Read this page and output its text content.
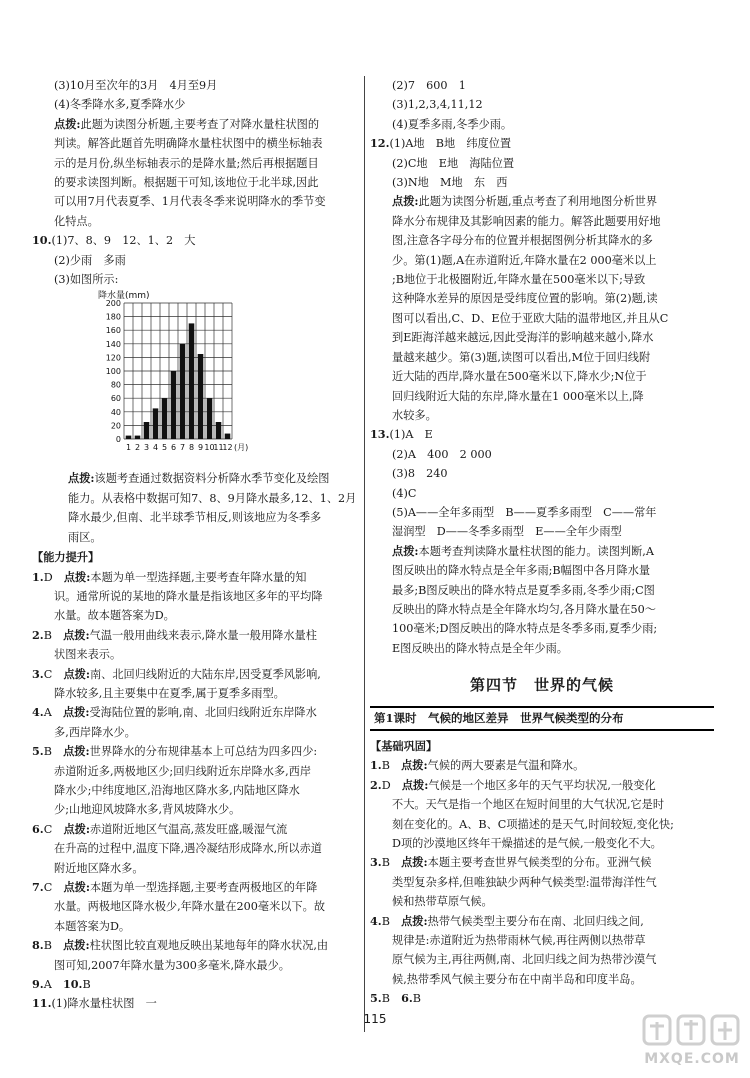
(3)10月至次年的3月　4月至9月
(4)冬季降水多,夏季降水少
点拨:此题为读图分析题,主要考查了对降水量柱状图的
判读。解答此题首先明确降水量柱状图中的横坐标轴表
示的是月份,纵坐标轴表示的是降水量;然后再根据题目
的要求读图判断。根据题干可知,该地位于北半球,因此
可以用7月代表夏季、1月代表冬季来说明降水的季节变
化特点。
10.(1)7、8、9　12、1、2　大
(2)少雨　多雨
(3)如图所示:
降水量(mm)
0
20
40
60
80
100
120
140
160
180
200
1 2 3 4 5 6 7 8 9 10
11
12 (月)
点拨:该题考查通过数据资料分析降水季节变化及绘图
能力。从表格中数据可知7、8、9月降水最多,12、1、2月
降水最少,但南、北半球季节相反,则该地应为冬季多
雨区。
【能力提升】
1.D　点拨:本题为单一型选择题,主要考查年降水量的知
识。通常所说的某地的降水量是指该地区多年的平均降
水量。故本题答案为D。
2.B　点拨:气温一般用曲线来表示,降水量一般用降水量柱
状图来表示。
3.C　点拨:南、北回归线附近的大陆东岸,因受夏季风影响,
降水较多,且主要集中在夏季,属于夏季多雨型。
4.A　点拨:受海陆位置的影响,南、北回归线附近东岸降水
多,西岸降水少。
5.B　点拨:世界降水的分布规律基本上可总结为四多四少:
赤道附近多,两极地区少;回归线附近东岸降水多,西岸
降水少;中纬度地区,沿海地区降水多,内陆地区降水
少;山地迎风坡降水多,背风坡降水少。
6.C　点拨:赤道附近地区气温高,蒸发旺盛,暖湿气流
在升高的过程中,温度下降,遇冷凝结形成降水,所以赤道
附近地区降水多。
7.C　点拨:本题为单一型选择题,主要考查两极地区的年降
水量。两极地区降水极少,年降水量在200毫米以下。故
本题答案为D。
8.B　点拨:柱状图比较直观地反映出某地每年的降水状况,由
图可知,2007年降水量为300多毫米,降水最少。
9.A　10.B
11.(1)降水量柱状图　一
(2)7　600　1
(3)1,2,3,4,11,12
(4)夏季多雨,冬季少雨。
12.(1)A地　B地　纬度位置
(2)C地　E地　海陆位置
(3)N地　M地　东　西
点拨:此题为读图分析题,重点考查了利用地图分析世界
降水分布规律及其影响因素的能力。解答此题要用好地
图,注意各字母分布的位置并根据图例分析其降水的多
少。第(1)题,A在赤道附近,年降水量在2 000毫米以上
;B地位于北极圈附近,年降水量在500毫米以下;导致
这种降水差异的原因是受纬度位置的影响。第(2)题,读
图可以看出,C、D、E位于亚欧大陆的温带地区,并且从C
到E距海洋越来越远,因此受海洋的影响越来越小,降水
量越来越少。第(3)题,读图可以看出,M位于回归线附
近大陆的西岸,降水量在500毫米以下,降水少;N位于
回归线附近大陆的东岸,降水量在1 000毫米以上,降
水较多。
13.(1)A　E
(2)A　400　2 000
(3)8　240
(4)C
(5)A——全年多雨型　B——夏季多雨型　C——常年
湿润型　D——冬季多雨型　E——全年少雨型
点拨:本题考查判读降水量柱状图的能力。读图判断,A
图反映出的降水特点是全年多雨;B幅图中各月降水量
最多;B图反映出的降水特点是夏季多雨,冬季少雨;C图
反映出的降水特点是全年降水均匀,各月降水量在50～
100毫米;D图反映出的降水特点是冬季多雨,夏季少雨;
E图反映出的降水特点是全年少雨。
第四节　世界的气候
第1课时　气候的地区差异　世界气候类型的分布
【基础巩固】
1.B　点拨:气候的两大要素是气温和降水。
2.D　点拨:气候是一个地区多年的天气平均状况,一般变化
不大。天气是指一个地区在短时间里的大气状况,它是时
刻在变化的。A、B、C项描述的是天气,时间较短,变化快;
D项的沙漠地区终年干燥描述的是气候,一般变化不大。
3.B　点拨:本题主要考查世界气候类型的分布。亚洲气候
类型复杂多样,但唯独缺少两种气候类型:温带海洋性气
候和热带草原气候。
4.B　点拨:热带气候类型主要分布在南、北回归线之间,
规律是:赤道附近为热带雨林气候,再往两侧以热带草
原气候为主,再往两侧,南、北回归线之间为热带沙漠气
候,热带季风气候主要分布在中南半岛和印度半岛。
5.B　6.B
115
MXQE.COM
